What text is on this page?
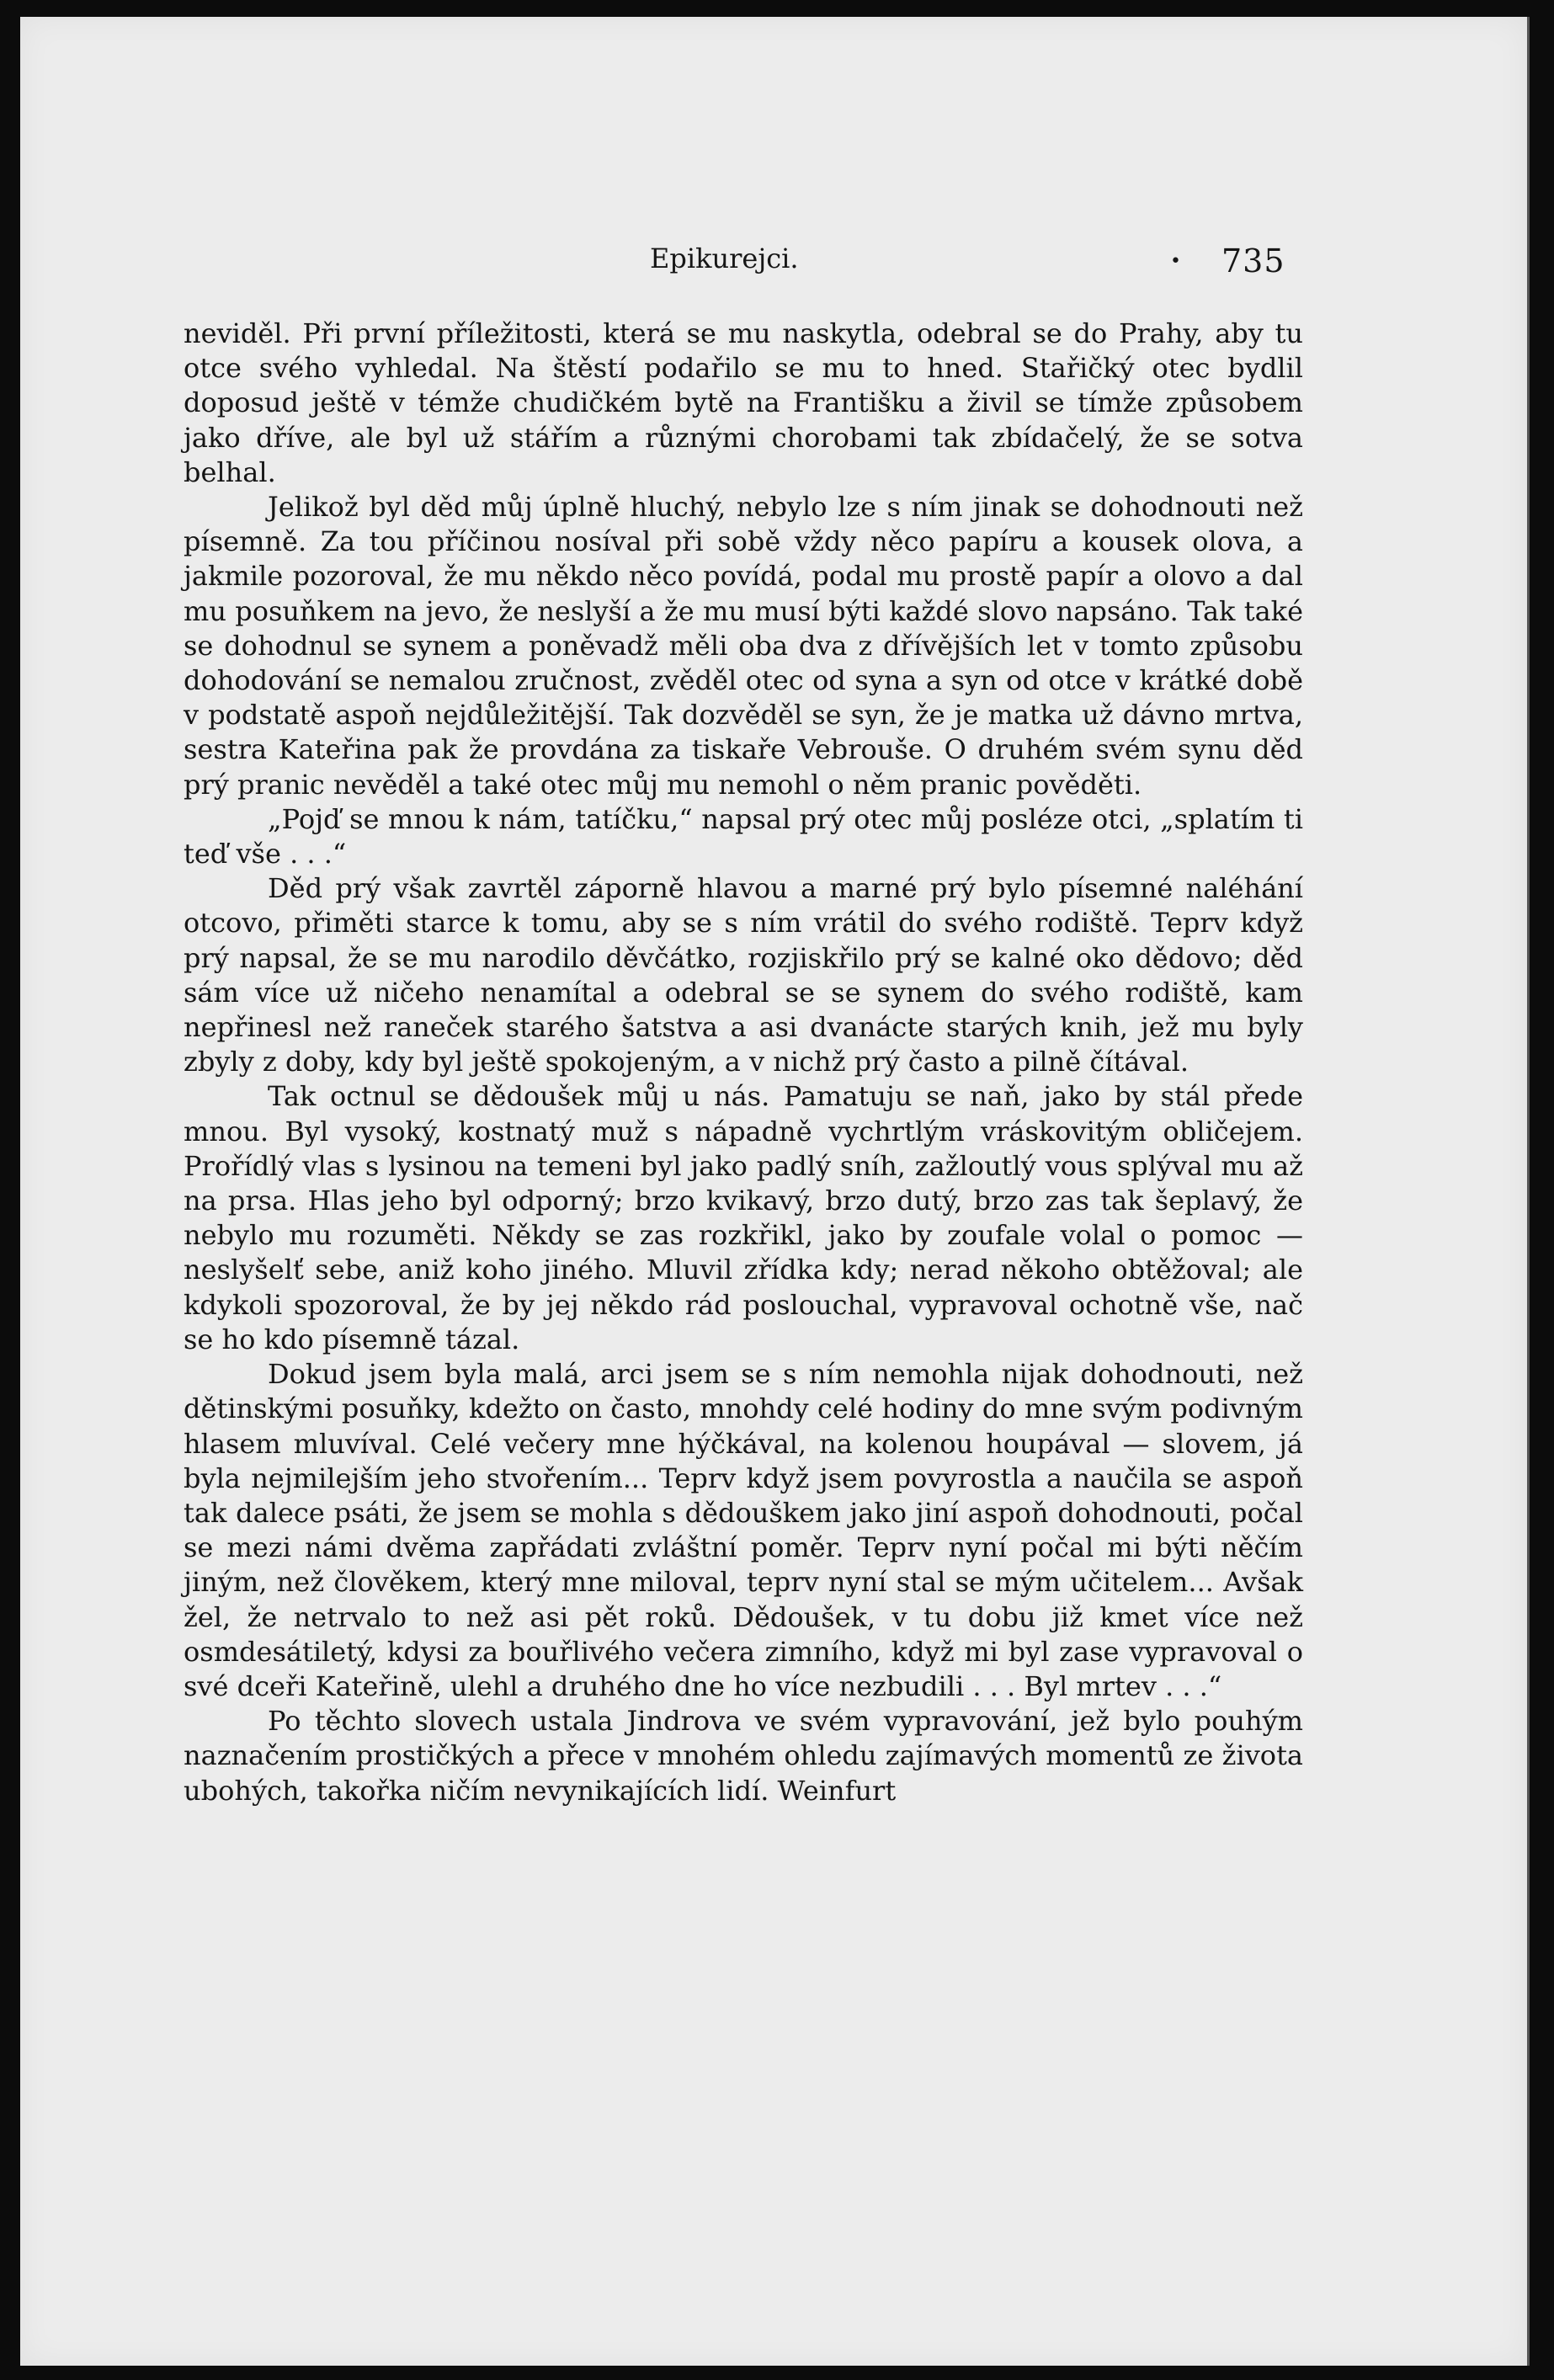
Epikurejci.	• 735

neviděl. Při první příležitosti, která se mu naskytla, odebral se do Prahy, aby tu otce svého vyhledal. Na štěstí podařilo se mu to hned. Stařičký otec bydlil doposud ještě v témže chudičkém bytě na Františku a živil se tímže způsobem jako dříve, ale byl už stářím a různými chorobami tak zbídačelý, že se sotva belhal.

Jelikož byl děd můj úplně hluchý, nebylo lze s ním jinak se dohodnouti než písemně. Za tou příčinou nosíval při sobě vždy něco papíru a kousek olova, a jakmile pozoroval, že mu někdo něco povídá, podal mu prostě papír a olovo a dal mu posuňkem na jevo, že neslyší a že mu musí býti každé slovo napsáno. Tak také se dohodnul se synem a poněvadž měli oba dva z dřívějších let v tomto způsobu dohodování se nemalou zručnost, zvěděl otec od syna a syn od otce v krátké době v podstatě aspoň nejdůležitější. Tak dozvěděl se syn, že je matka už dávno mrtva, sestra Kateřina pak že provdána za tiskaře Vebrouše. O druhém svém synu děd prý pranic nevěděl a také otec můj mu nemohl o něm pranic pověděti.

„Pojď se mnou k nám, tatíčku,“ napsal prý otec můj posléze otci, „splatím ti teď vše . . .“

Děd prý však zavrtěl záporně hlavou a marné prý bylo písemné naléhání otcovo, přiměti starce k tomu, aby se s ním vrátil do svého rodiště. Teprv když prý napsal, že se mu narodilo děvčátko, rozjiskřilo prý se kalné oko dědovo; děd sám více už ničeho nenamítal a odebral se se synem do svého rodiště, kam nepřinesl než raneček starého šatstva a asi dvanácte starých knih, jež mu byly zbyly z doby, kdy byl ještě spokojeným, a v nichž prý často a pilně čítával.

Tak octnul se dědoušek můj u nás. Pamatuju se naň, jako by stál přede mnou. Byl vysoký, kostnatý muž s nápadně vychrtlým vráskovitým obličejem. Prořídlý vlas s lysinou na temeni byl jako padlý sníh, zažloutlý vous splýval mu až na prsa. Hlas jeho byl odporný; brzo kvikavý, brzo dutý, brzo zas tak šeplavý, že nebylo mu rozuměti. Někdy se zas rozkřikl, jako by zoufale volal o pomoc — neslyšelť sebe, aniž koho jiného. Mluvil zřídka kdy; nerad někoho obtěžoval; ale kdykoli spozoroval, že by jej někdo rád poslouchal, vypravoval ochotně vše, nač se ho kdo písemně tázal.

Dokud jsem byla malá, arci jsem se s ním nemohla nijak dohodnouti, než dětinskými posuňky, kdežto on často, mnohdy celé hodiny do mne svým podivným hlasem mluvíval. Celé večery mne hýčkával, na kolenou houpával — slovem, já byla nejmilejším jeho stvořením... Teprv když jsem povyrostla a naučila se aspoň tak dalece psáti, že jsem se mohla s dědouškem jako jiní aspoň dohodnouti, počal se mezi námi dvěma zapřádati zvláštní poměr. Teprv nyní počal mi býti něčím jiným, než člověkem, který mne miloval, teprv nyní stal se mým učitelem... Avšak žel, že netrvalo to než asi pět roků. Dědoušek, v tu dobu již kmet více než osmdesátiletý, kdysi za bouřlivého večera zimního, když mi byl zase vypravoval o své dceři Kateřině, ulehl a druhého dne ho více nezbudili . . . Byl mrtev . . .“

Po těchto slovech ustala Jindrova ve svém vypravování, jež bylo pouhým naznačením prostičkých a přece v mnohém ohledu zajímavých momentů ze života ubohých, takořka ničím nevynikajících lidí. Weinfurt
